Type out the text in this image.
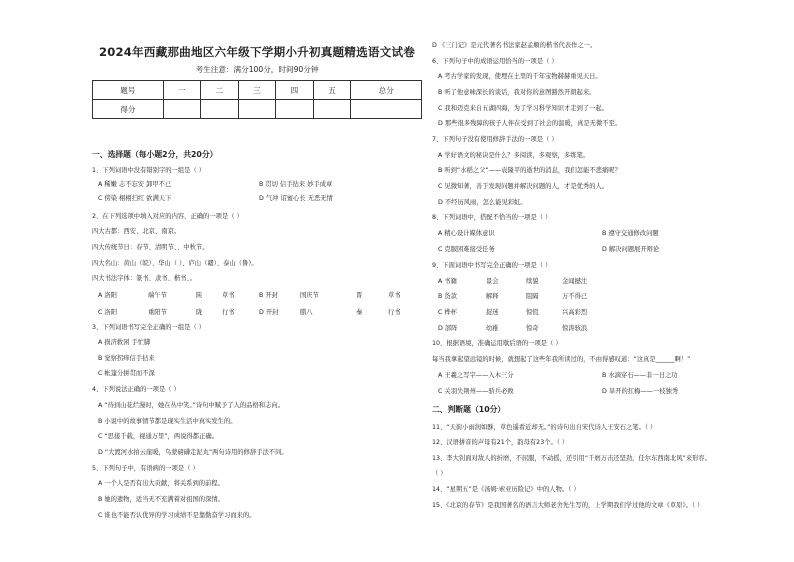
2024年西藏那曲地区六年级下学期小升初真题精选语文试卷
考生注意：满分100分，时间90分钟
题号	一	二	三	四	五	总分
得分						
一、选择题（每小题2分，共20分）
1、下列词语中没有错别字的一组是（ ）
A 稀嫩 志不忘安 卸甲不已	B 贯切 信手拈来 妙手成章
C 傍染 栩栩扫红 欲满天下	D 气冲 诏蜜心长 无恶无情
2、在下列选项中填入对应的内容，正确的一项是（ ）
四大古都：西安、北京、南京。
四大传统节日：春节、清明节、、中秋节。
四大名山：黄山（皖）、华山（ ）、庐山（赣）、泰山（鲁）。
四大书法字体：篆书、隶书、楷书、。
A 洛阳	端午节	陕	草书	B 开封	国庆节	晋	草书
C 洛阳	重阳节	陇	行书	D 开封	腊八	秦	行书
3、下列词语书写完全正确的一组是（ ）
A 损济救困 手忙脚
B 觉察拐痒信手拈来
C 帐篷分拼贯而不深
4、下列说法正确的一项是（ ）
A “待到山花烂漫时，她在丛中笑。”诗句中赋予了人的品格和志向。
B 小说中的故事情节都是现实生活中真实发生的。
C “思接千载，视通万里”，两说得都正确。
D “大渡河水拍云崖暖，乌蒙磅礴走泥丸”两句诗用的修辞手法不同。
5、下列句子中，有语病的一项是（ ）
A 一个人是否有出大贡献，将关系到的前程。
B 她的遗物，适当无不充满着对祖国的深情。
C 谁也不能否认优异的学习成绩不是靠勤奋学习而来的。
D 《三门记》是元代著名书法家赵孟頫的楷书代表作之一。
6、下列句子中的成语运用恰当的一项是（ ）
A 考古学家的发现，使埋在土里的千年宝物赫赫重见天日。
B 听了他意味深长的谈话，我对你的意图豁然开朗起来。
C 我和迈克来自五湖四海，为了学习科学知识才走到了一起。
D 那些很多残障的孩子人伴在受到了社会的温暖，真是无微不至。
7、下列句子没有使用修辞手法的一项是（ ）
A 学好语文的秘诀是什么？多阅读，多观察，多练笔。
B 听到“水稻之父”——袁隆平的逝世的消息，我们怎能不悲痛呢？
C 见微知著，善于发现问题并解决问题的人，才是优秀的人。
D 不经历风雨，怎么能见彩虹。
8、下列词语中，搭配不恰当的一项是（ ）
A 精心设计媒体意识	B 遵守交通修改问题
C 克服困难接受任务	D 解决问题展开辩论
9、下面词语中书写完全正确的一项是（ ）
A 书籍	景会	续貌	金闻撼注
B 货款	解释	阻隔	万不得已
C 桦杯	捉迷	惊慌	兴高彩烈
D 部阵	幼稚	惊奇	惊涛骇浪
10、根据语境，准确运用歇后语的一项是（ ）
每当我拿起望远镜的时候，就想起了这些年我所读过的，不由得感叹道：“这真是______啊！”
A 王羲之写字——入木三分	B 水滴穿石——非一日之功
C 关羽失荆州——骄兵必败	D 旱开的扛梅——一枝独秀
二、判断题（10分）
11、“天街小雨润如酥，草色遥看近却无。”的诗句出自宋代诗人王安石之笔。（ ）
12、汉语拼音的声母有21个，韵母有23个。（ ）
13、李大钊面对敌人的折磨，不屈服，不动摇，还引用“千磨万击还坚劲，任尔东西南北风”来形容。
（ ）
14、“星期五”是《汤姆·索亚历险记》中的人物。（ ）
15、《北京的春节》是我国著名的语言大师老舍先生写的，上学期我们学过他的文章《草原》。（ ）
